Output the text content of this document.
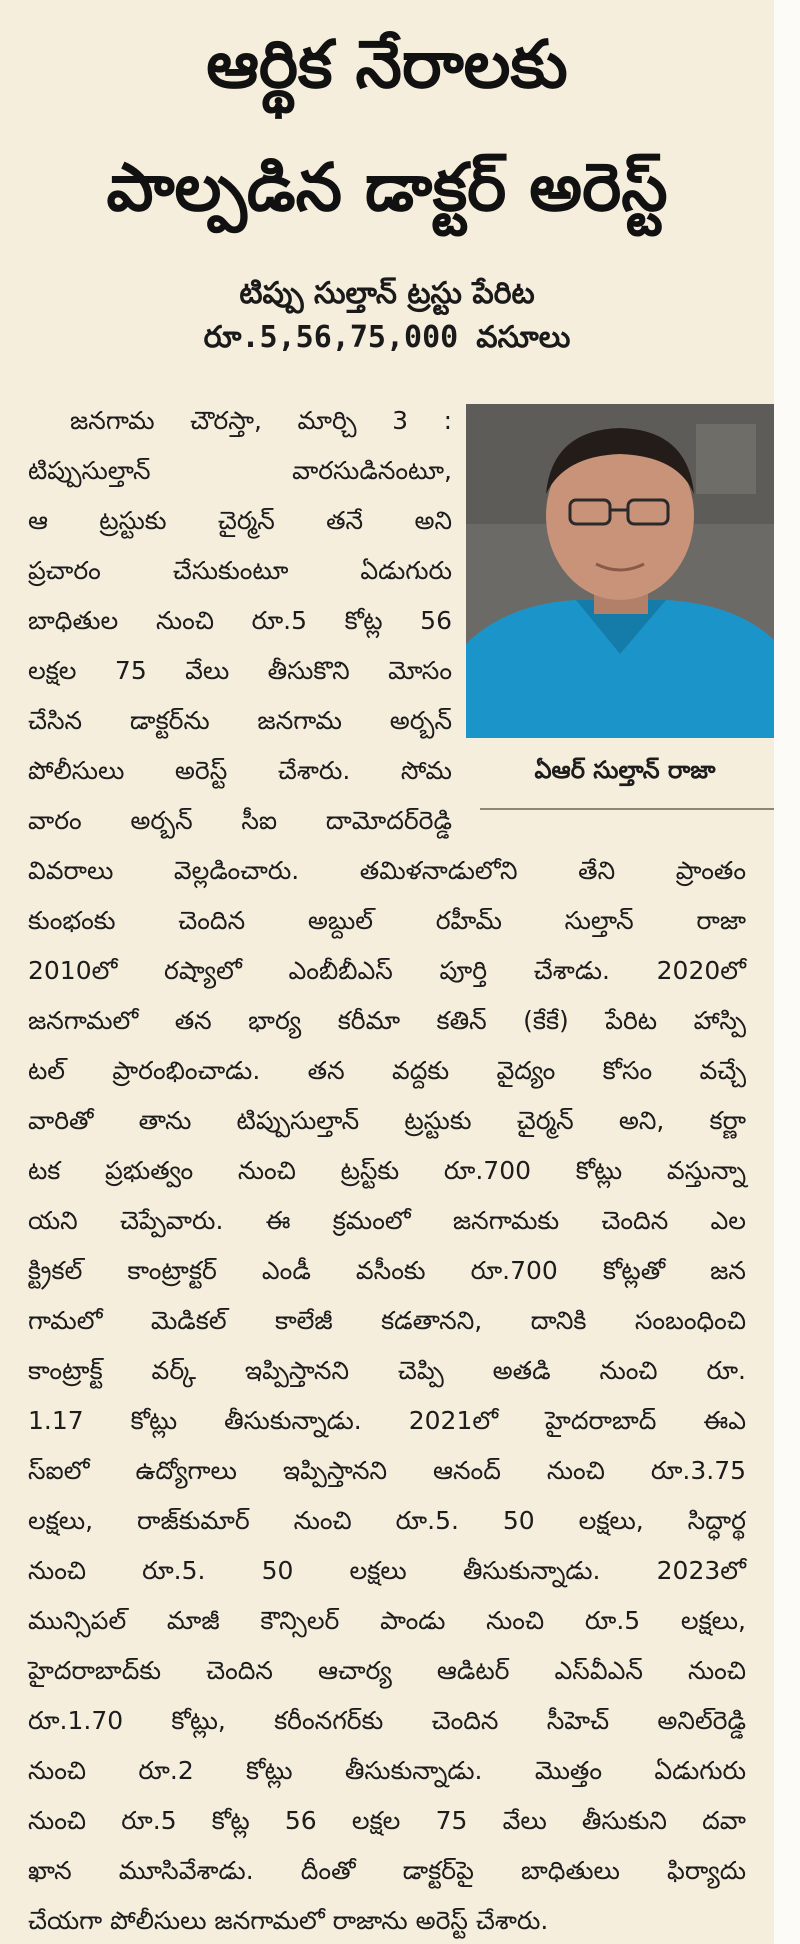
ఆర్థిక నేరాలకు
పాల్పడిన డాక్టర్ అరెస్ట్
టిప్పు సుల్తాన్ ట్రస్టు పేరిట
రూ.5,56,75,000 వసూలు
ఏఆర్ సుల్తాన్ రాజా
జనగామ చౌరస్తా, మార్చి 3 :
టిప్పుసుల్తాన్ వారసుడినంటూ,
ఆ ట్రస్టుకు చైర్మన్ తనే అని
ప్రచారం చేసుకుంటూ ఏడుగురు
బాధితుల నుంచి రూ.5 కోట్ల 56
లక్షల 75 వేలు తీసుకొని మోసం
చేసిన డాక్టర్‌ను జనగామ అర్బన్
పోలీసులు అరెస్ట్ చేశారు. సోమ
వారం అర్బన్ సీఐ దామోదర్‌రెడ్డి
వివరాలు వెల్లడించారు. తమిళనాడులోని తేని ప్రాంతం
కుంభంకు చెందిన అబ్దుల్ రహీమ్ సుల్తాన్ రాజా
2010లో రష్యాలో ఎంబీబీఎస్ పూర్తి చేశాడు. 2020లో
జనగామలో తన భార్య కరీమా కతిన్ (కేకే) పేరిట హాస్పి
టల్ ప్రారంభించాడు. తన వద్దకు వైద్యం కోసం వచ్చే
వారితో తాను టిప్పుసుల్తాన్ ట్రస్టుకు చైర్మన్ అని, కర్ణా
టక ప్రభుత్వం నుంచి ట్రస్ట్‌కు రూ.700 కోట్లు వస్తున్నా
యని చెప్పేవారు. ఈ క్రమంలో జనగామకు చెందిన ఎల
క్ట్రికల్ కాంట్రాక్టర్ ఎండీ వసీంకు రూ.700 కోట్లతో జన
గామలో మెడికల్ కాలేజీ కడతానని, దానికి సంబంధించి
కాంట్రాక్ట్ వర్క్ ఇప్పిస్తానని చెప్పి అతడి నుంచి రూ.
1.17 కోట్లు తీసుకున్నాడు. 2021లో హైదరాబాద్ ఈఎ
స్ఐలో ఉద్యోగాలు ఇప్పిస్తానని ఆనంద్ నుంచి రూ.3.75
లక్షలు, రాజ్‌కుమార్ నుంచి రూ.5. 50 లక్షలు, సిద్ధార్థ
నుంచి రూ.5. 50 లక్షలు తీసుకున్నాడు. 2023లో
మున్సిపల్ మాజీ కౌన్సిలర్ పాండు నుంచి రూ.5 లక్షలు,
హైదరాబాద్‌కు చెందిన ఆచార్య ఆడిటర్ ఎస్‌వీఎన్ నుంచి
రూ.1.70 కోట్లు, కరీంనగర్‌కు చెందిన సీహెచ్ అనిల్‌రెడ్డి
నుంచి రూ.2 కోట్లు తీసుకున్నాడు. మొత్తం ఏడుగురు
నుంచి రూ.5 కోట్ల 56 లక్షల 75 వేలు తీసుకుని దవా
ఖాన మూసివేశాడు. దీంతో డాక్టర్‌పై బాధితులు ఫిర్యాదు
చేయగా పోలీసులు జనగామలో రాజాను అరెస్ట్ చేశారు.
